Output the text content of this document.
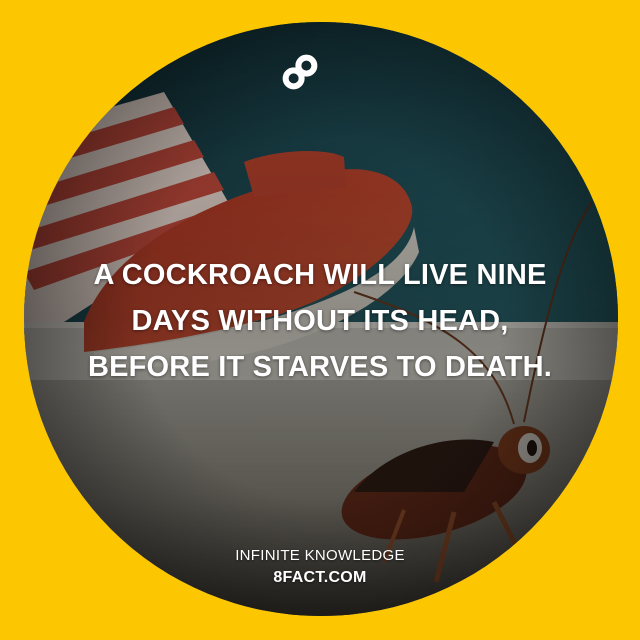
A COCKROACH WILL LIVE NINE
DAYS WITHOUT ITS HEAD,
BEFORE IT STARVES TO DEATH.

INFINITE KNOWLEDGE
8FACT.COM
